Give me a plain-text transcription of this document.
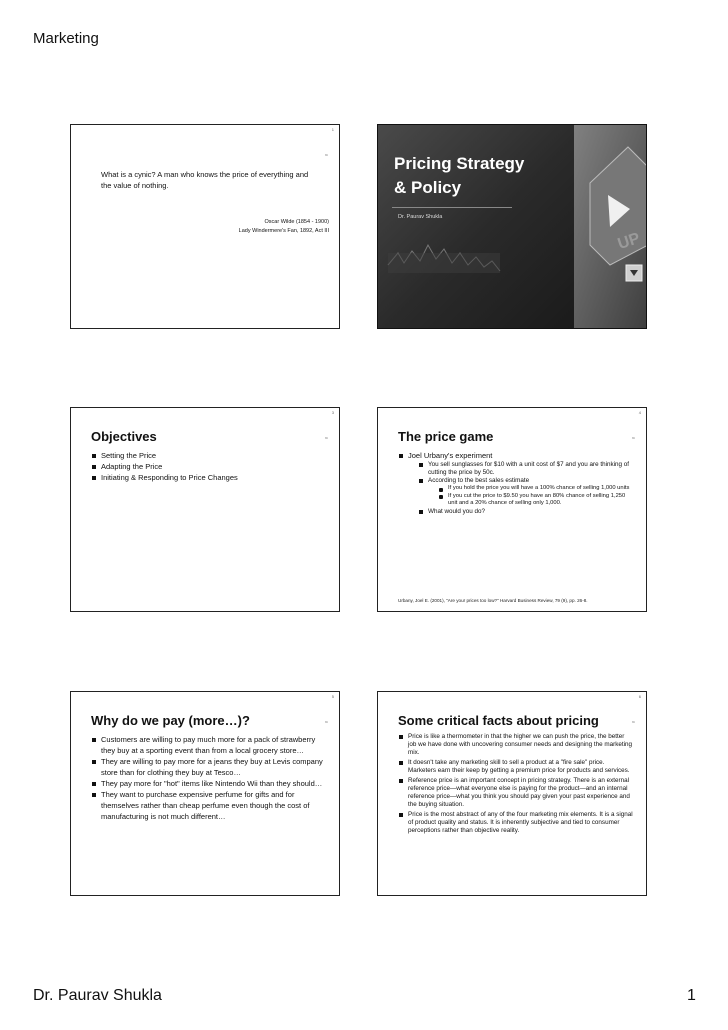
Marketing
1
ₘ
What is a cynic? A man who knows the price of everything and the value of nothing.
Oscar Wilde (1854 - 1900)
Lady Windermere's Fan, 1892, Act III
Pricing Strategy
& Policy
Dr. Paurav Shukla
UP
3
Objectives	ₘ
Setting the Price
Adapting the Price
Initiating & Responding to Price Changes
4
The price game	ₘ
Joel Urbany's experiment
You sell sunglasses for $10 with a unit cost of $7 and you are thinking of cutting the price by 50c.
According to the best sales estimate
If you hold the price you will have a 100% chance of selling 1,000 units
If you cut the price to $9.50 you have an 80% chance of selling 1,250 unit and a 20% chance of selling only 1,000.
What would you do?
Urbany, Joel E. (2001), "Are your prices too low?" Harvard Business Review, 79 (9), pp. 26-8.
5
Why do we pay (more…)?	ₘ
Customers are willing to pay much more for a pack of strawberry they buy at a sporting event than from a local grocery store…
They are willing to pay more for a jeans they buy at Levis company store than for clothing they buy at Tesco…
They pay more for "hot" items like Nintendo Wii than they should…
They want to purchase expensive perfume for gifts and for themselves rather than cheap perfume even though the cost of manufacturing is not much different…
6
Some critical facts about pricing	ₘ
Price is like a thermometer in that the higher we can push the price, the better job we have done with uncovering consumer needs and designing the marketing mix.
It doesn't take any marketing skill to sell a product at a "fire sale" price. Marketers earn their keep by getting a premium price for products and services.
Reference price is an important concept in pricing strategy. There is an external reference price—what everyone else is paying for the product—and an internal reference price—what you think you should pay given your past experience and the buying situation.
Price is the most abstract of any of the four marketing mix elements. It is a signal of product quality and status. It is inherently subjective and tied to consumer perceptions rather than objective reality.
Dr. Paurav Shukla	1
